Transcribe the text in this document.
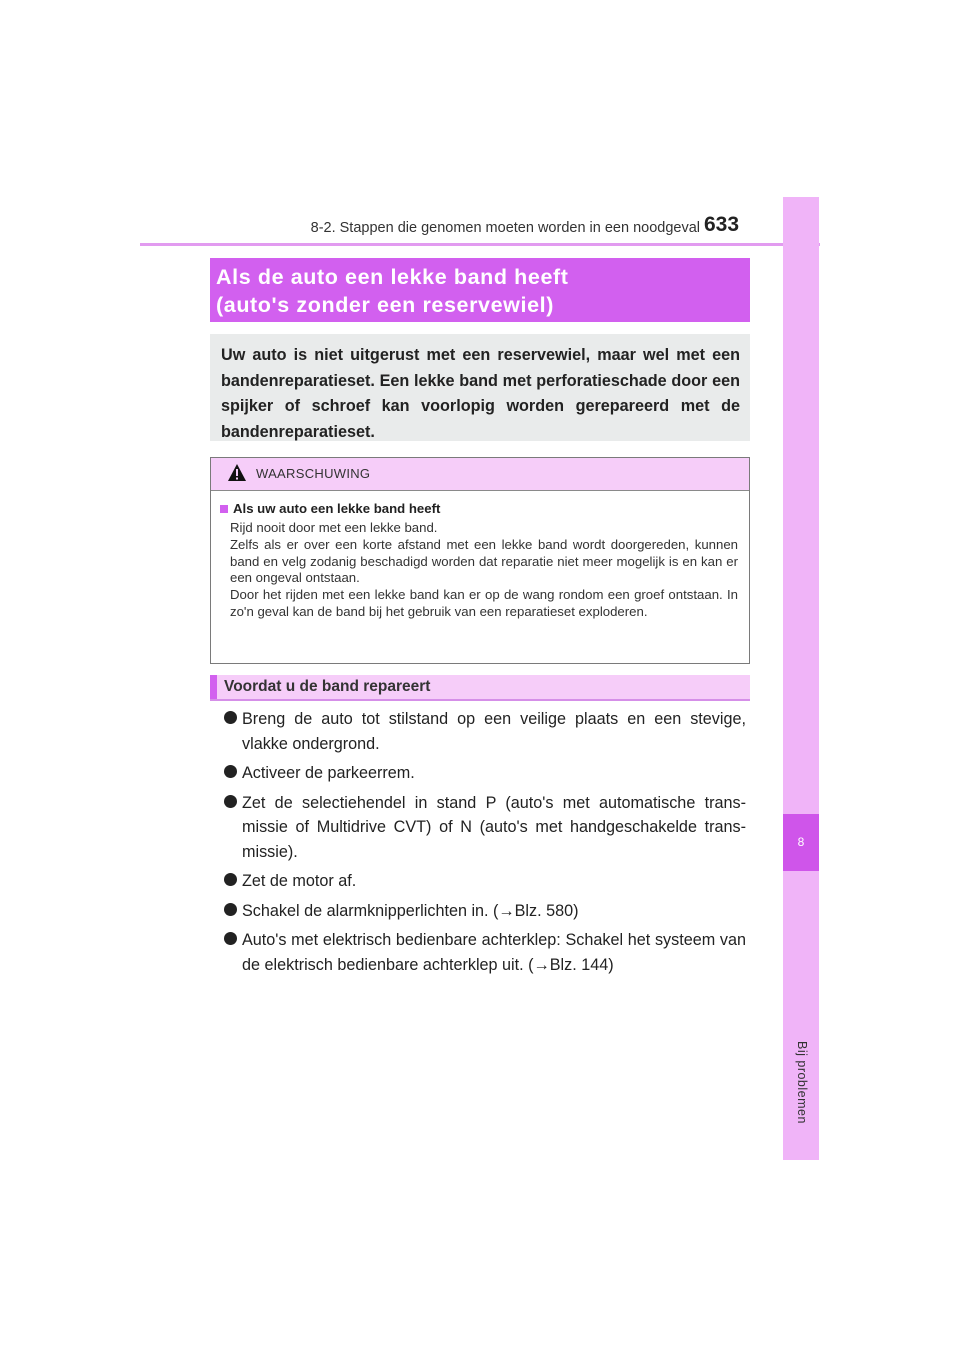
8-2. Stappen die genomen moeten worden in een noodgeval 633
8
Bij problemen
Als de auto een lekke band heeft
(auto's zonder een reservewiel)
Uw auto is niet uitgerust met een reservewiel, maar wel met een bandenreparatieset. Een lekke band met perforatieschade door een spijker of schroef kan voorlopig worden gerepareerd met de bandenreparatieset.
WAARSCHUWING
Als uw auto een lekke band heeft

Rijd nooit door met een lekke band.

Zelfs als er over een korte afstand met een lekke band wordt doorgereden, kunnen band en velg zodanig beschadigd worden dat reparatie niet meer mogelijk is en kan er een ongeval ontstaan.

Door het rijden met een lekke band kan er op de wang rondom een groef ontstaan. In zo'n geval kan de band bij het gebruik van een reparatieset exploderen.

Voordat u de band repareert
Breng de auto tot stilstand op een veilige plaats en een stevige, vlakke ondergrond.
Activeer de parkeerrem.
Zet de selectiehendel in stand P (auto's met automatische trans-missie of Multidrive CVT) of N (auto's met handgeschakelde trans-missie).
Zet de motor af.
Schakel de alarmknipperlichten in. (→Blz. 580)
Auto's met elektrisch bedienbare achterklep: Schakel het systeem van de elektrisch bedienbare achterklep uit. (→Blz. 144)
